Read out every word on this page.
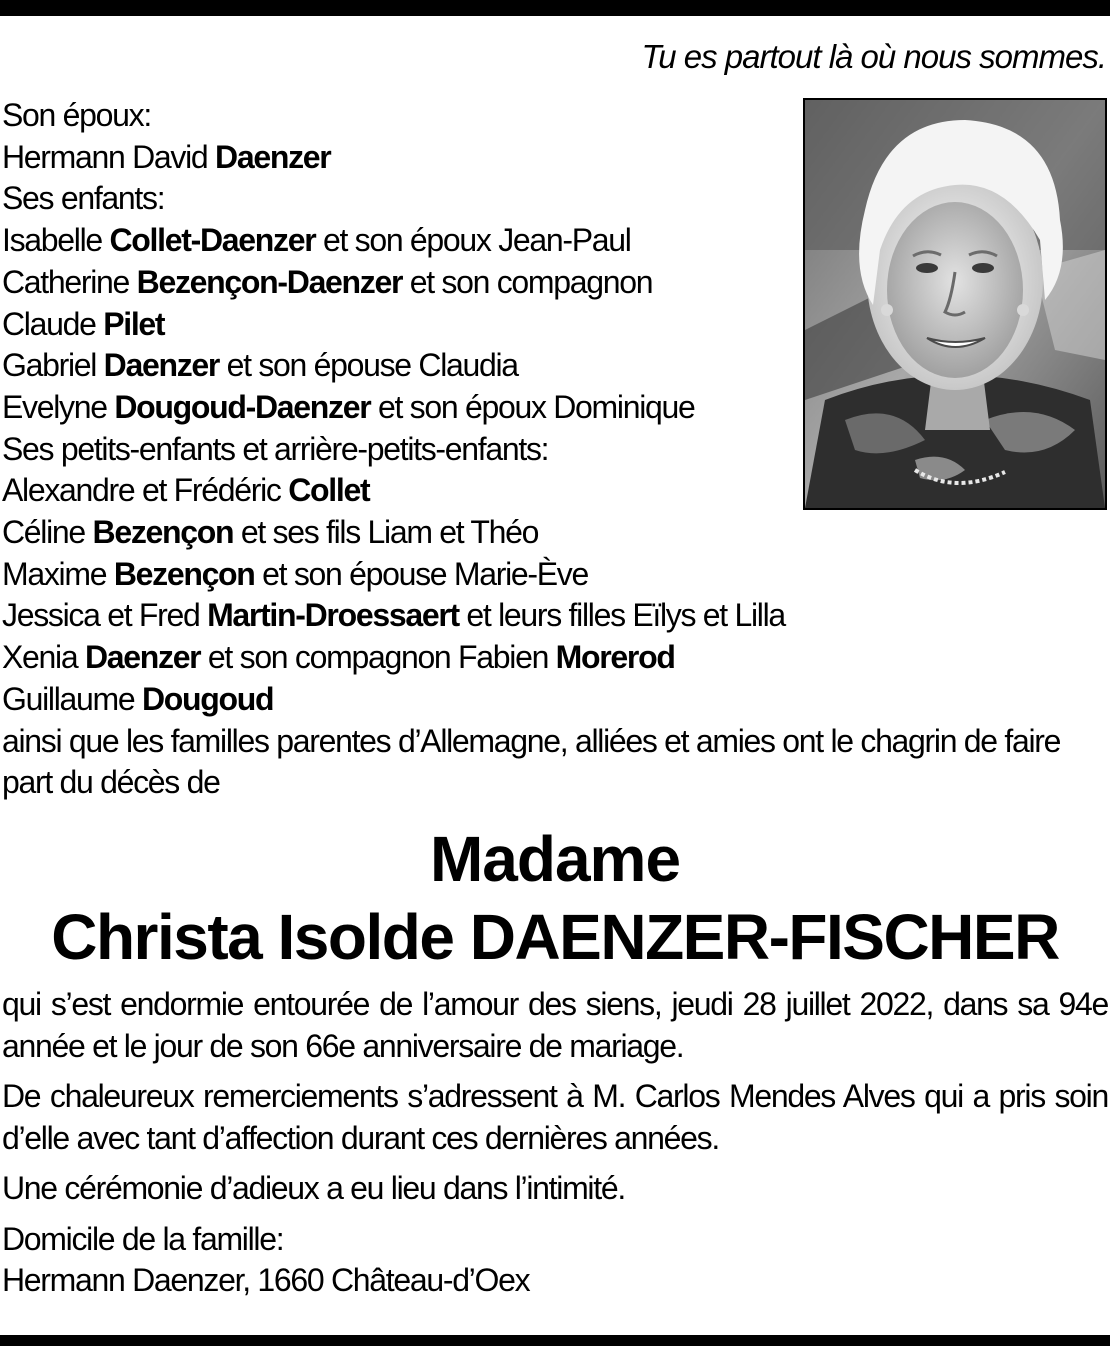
Tu es partout là où nous sommes.
Son époux:
Hermann David Daenzer
Ses enfants:
Isabelle Collet-Daenzer et son époux Jean-Paul
Catherine Bezençon-Daenzer et son compagnon
Claude Pilet
Gabriel Daenzer et son épouse Claudia
Evelyne Dougoud-Daenzer et son époux Dominique
Ses petits-enfants et arrière-petits-enfants:
Alexandre et Frédéric Collet
Céline Bezençon et ses fils Liam et Théo
Maxime Bezençon et son épouse Marie-Ève
Jessica et Fred Martin-Droessaert et leurs filles Eïlys et Lilla
Xenia Daenzer et son compagnon Fabien Morerod
Guillaume Dougoud
ainsi que les familles parentes d’Allemagne, alliées et amies ont le chagrin de faire part du décès de
Madame
Christa Isolde DAENZER-FISCHER

qui s’est endormie entourée de l’amour des siens, jeudi 28 juillet 2022, dans sa 94e année et le jour de son 66e anniversaire de mariage.

De chaleureux remerciements s’adressent à M. Carlos Mendes Alves qui a pris soin d’elle avec tant d’affection durant ces dernières années.

Une cérémonie d’adieux a eu lieu dans l’intimité.

Domicile de la famille:
Hermann Daenzer, 1660 Château-d’Oex
